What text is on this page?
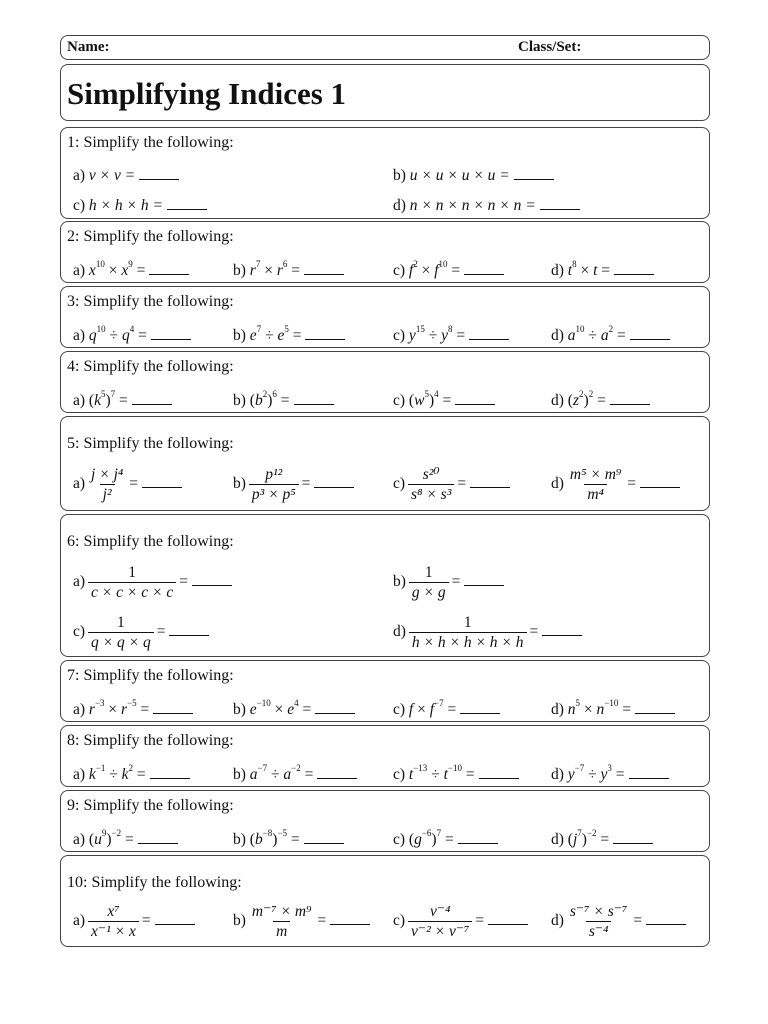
Name:	Class/Set:
Simplifying Indices 1
1: Simplify the following:
a) v × v =	b) u × u × u × u =
c) h × h × h =	d) n × n × n × n × n =
2: Simplify the following:
a) $x^{10} \times x^9$ =	b) $r^7 \times r^6$ =	c) $f^2 \times f^{10}$ =	d) $t^8 \times t$ =
3: Simplify the following:
a) $q^{10} \div q^4$ =	b) $e^7 \div e^5$ =	c) $y^{15} \div y^8$ =	d) $a^{10} \div a^2$ =
4: Simplify the following:
a) $(k^5)^7$ =	b) $(b^2)^6$ =	c) $(w^5)^4$ =	d) $(z^2)^2$ =
5: Simplify the following:
$a) \frac{\text{j × j⁴}}{\text{j²}}$ =	$b) \frac{\text{p¹²}}{\text{p³ × p⁵}}$ =	$c) \frac{\text{s²⁰}}{\text{s⁸ × s³}}$ =	$d) \frac{\text{m⁵ × m⁹}}{\text{m⁴}}$ =
6: Simplify the following:
$a) \frac{1}{c \times c \times c \times c}$ =	$b) \frac{1}{g \times g}$ =
$c) \frac{1}{q \times q \times q}$ =	$d) \frac{1}{h \times h \times h \times h \times h}$ =
7: Simplify the following:
a) $r^{-3} \times r^{-5}$ =	b) $e^{-10} \times e^4$ =	c) $f \times f^{-7}$ =	d) $n^5 \times n^{-10}$ =
8: Simplify the following:
a) $k^{-1} \div k^2$ =	b) $a^{-7} \div a^{-2}$ =	c) $t^{-13} \div t^{-10}$ =	d) $y^{-7} \div y^3$ =
9: Simplify the following:
a) $(u^9)^{-2}$ =	b) $(b^{-8})^{-5}$ =	c) $(g^{-6})^7$ =	d) $(j^7)^{-2}$ =
10: Simplify the following:
$a) \frac{\text{x⁷}}{\text{x⁻¹ × x}}$ =	$b) \frac{\text{m⁻⁷ × m⁹}}{m}$ =	$c) \frac{\text{v⁻⁴}}{\text{v⁻² × v⁻⁷}}$ =	$d) \frac{\text{s⁻⁷ × s⁻⁷}}{\text{s⁻⁴}}$ =
